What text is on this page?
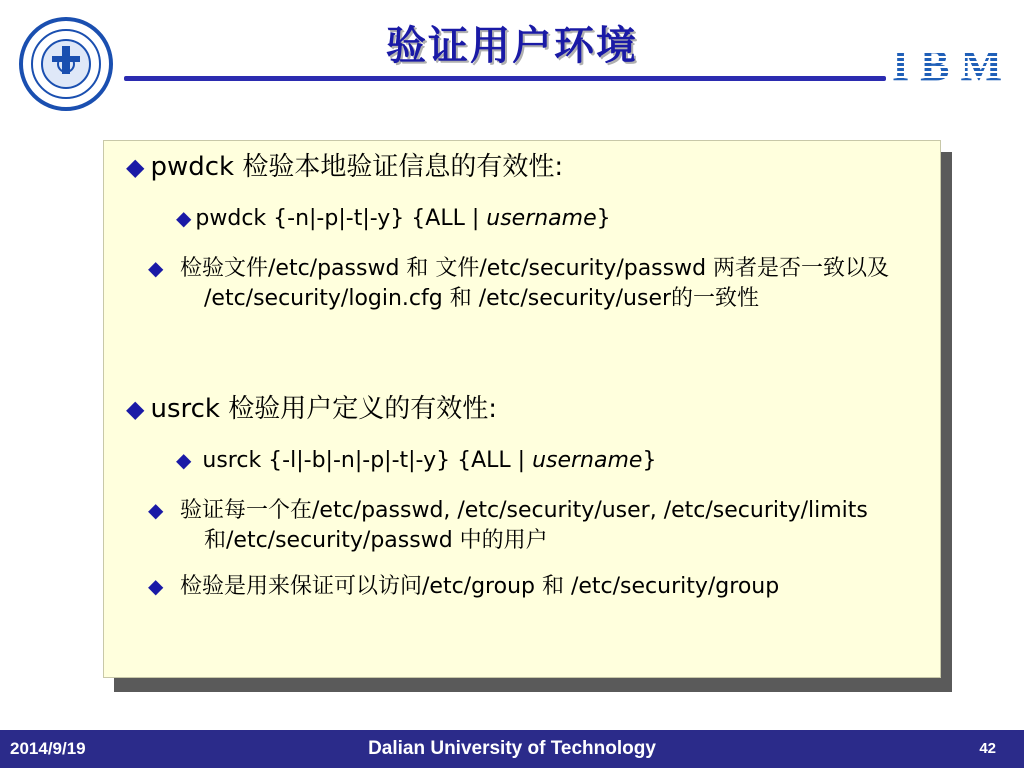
验证用户环境	IBM
◆ pwdck 检验本地验证信息的有效性:
◆ pwdck {-n|-p|-t|-y} {ALL | username}
◆ 检验文件/etc/passwd 和 文件/etc/security/passwd 两者是否一致以及 /etc/security/login.cfg 和 /etc/security/user的一致性
◆ usrck 检验用户定义的有效性:
◆ usrck {-l|-b|-n|-p|-t|-y} {ALL | username}
◆ 验证每一个在/etc/passwd, /etc/security/user, /etc/security/limits 和/etc/security/passwd 中的用户
◆ 检验是用来保证可以访问/etc/group 和 /etc/security/group
2014/9/19	Dalian University of Technology	42
